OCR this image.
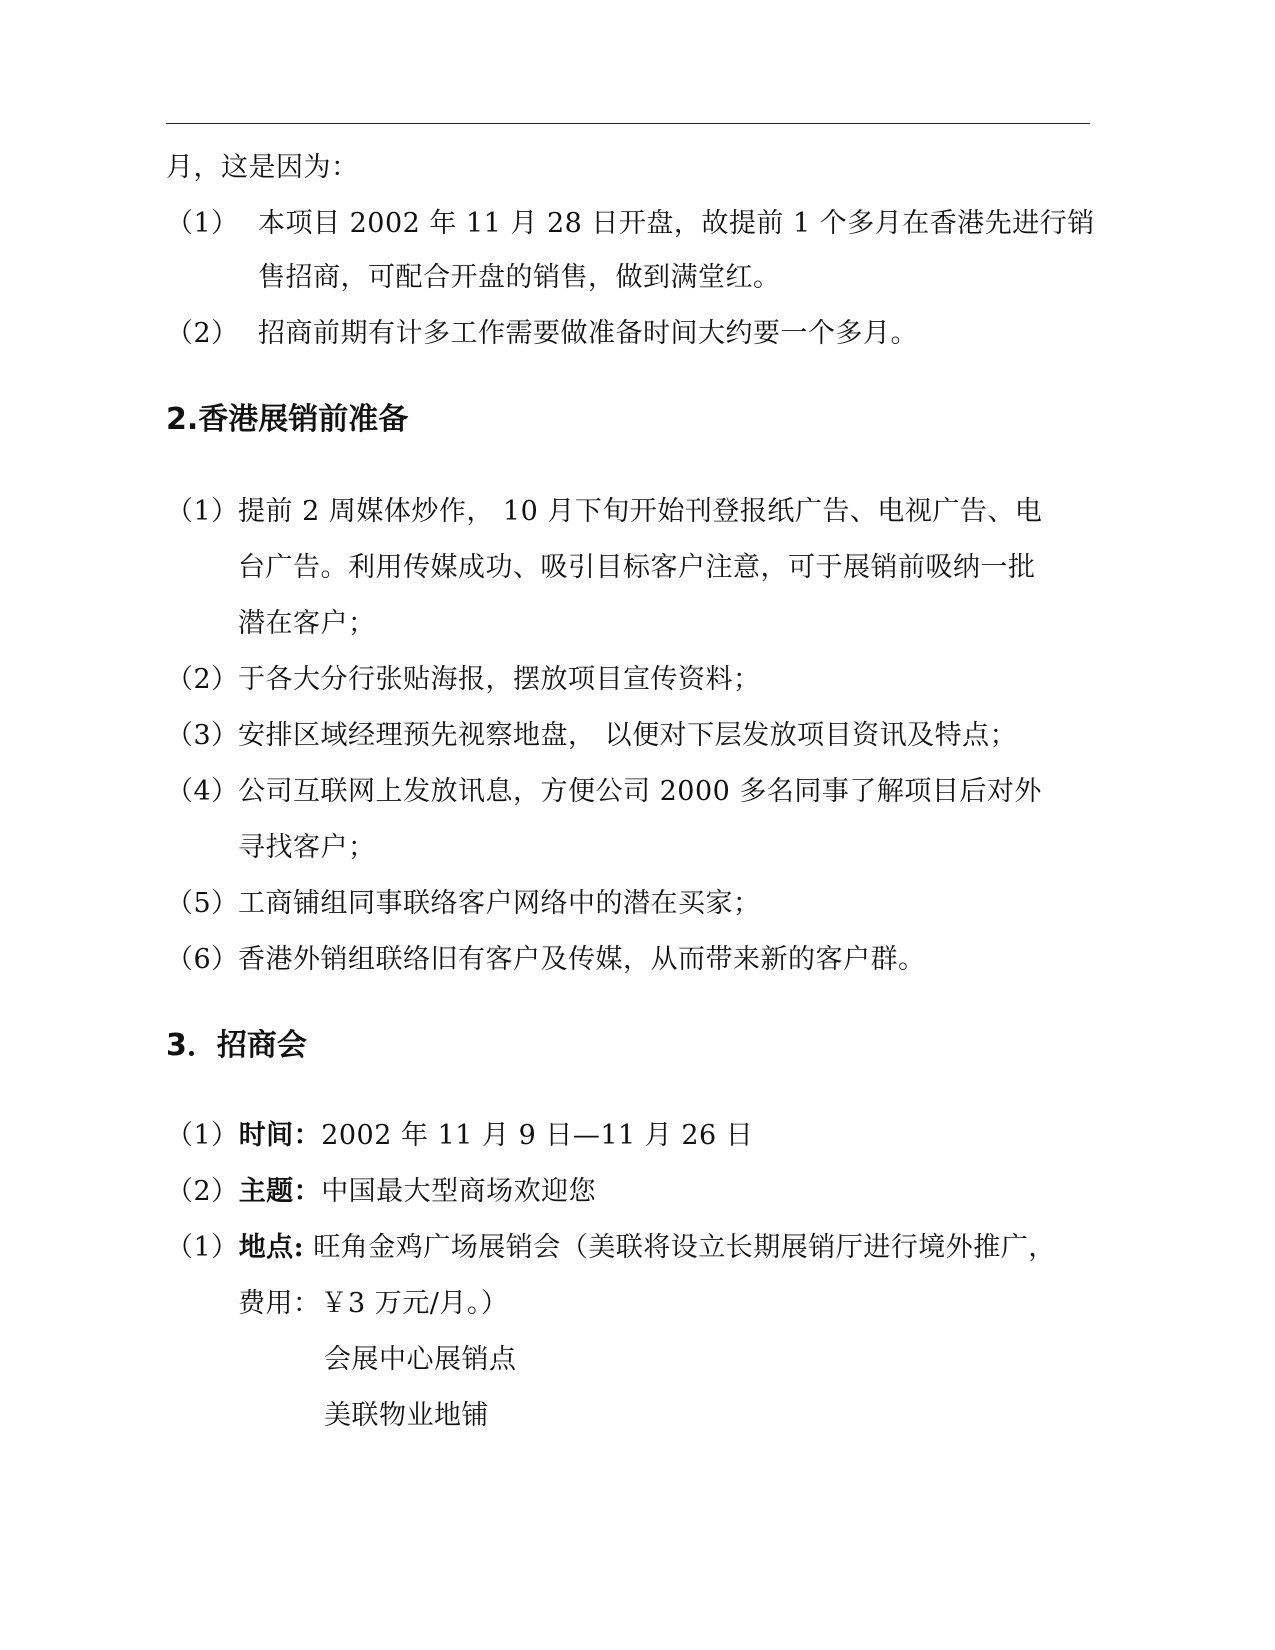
月，这是因为：
（1） 本项目 2002 年 11 月 28 日开盘，故提前 1 个多月在香港先进行销
售招商，可配合开盘的销售，做到满堂红。
（2） 招商前期有计多工作需要做准备时间大约要一个多月。
2.香港展销前准备
（1） 提前 2 周媒体炒作， 10 月下旬开始刊登报纸广告、电视广告、电
台广告。利用传媒成功、吸引目标客户注意，可于展销前吸纳一批
潜在客户；
（2） 于各大分行张贴海报，摆放项目宣传资料；
（3） 安排区域经理预先视察地盘， 以便对下层发放项目资讯及特点；
（4） 公司互联网上发放讯息，方便公司 2000 多名同事了解项目后对外
寻找客户；
（5） 工商铺组同事联络客户网络中的潜在买家；
（6） 香港外销组联络旧有客户及传媒，从而带来新的客户群。
3．招商会
（1）时间：2002 年 11 月 9 日—11 月 26 日
（2）主题：中国最大型商场欢迎您
（1）地点: 旺角金鸡广场展销会（美联将设立长期展销厅进行境外推广，
费用：￥3 万元/月。）
会展中心展销点
美联物业地铺
